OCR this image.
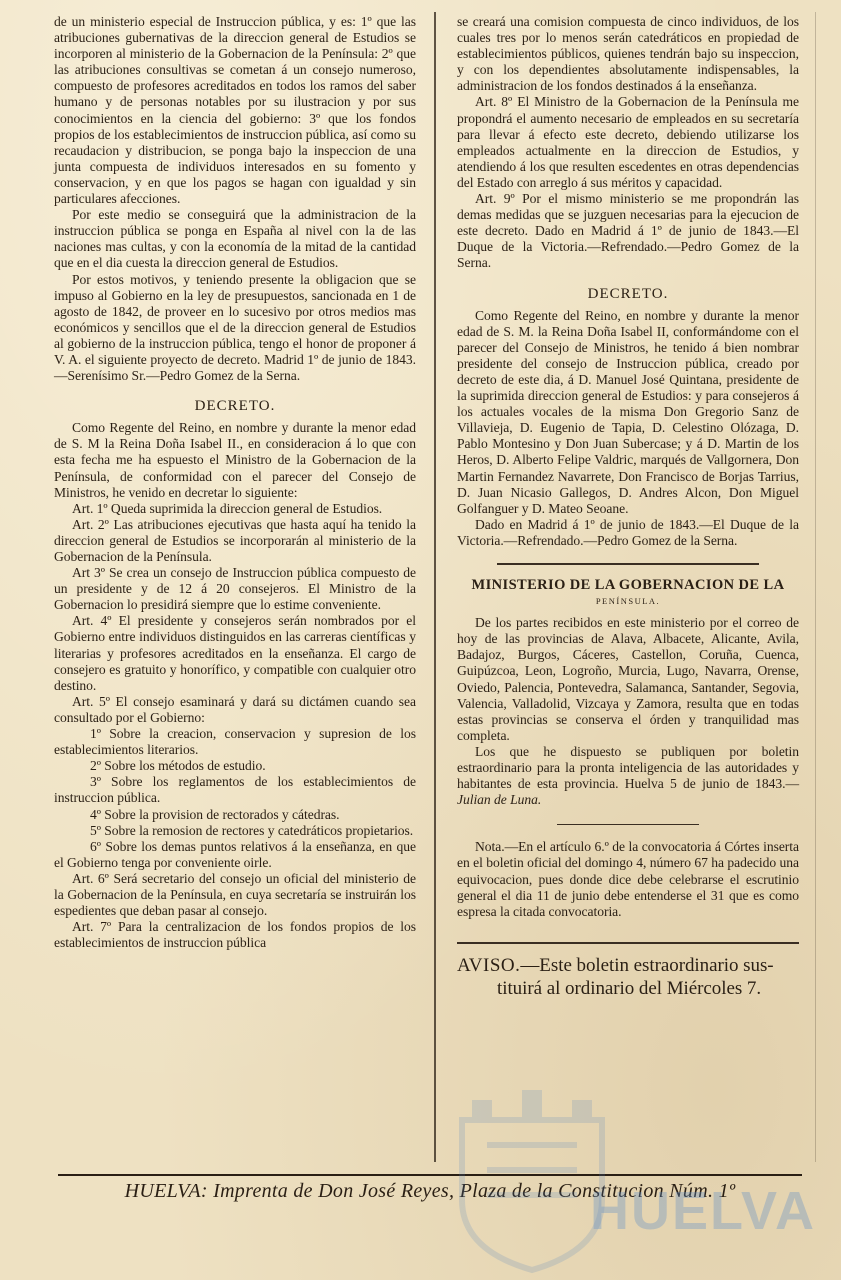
de un ministerio especial de Instruccion pública, y es: 1º que las atribuciones gubernativas de la direccion general de Estudios se incorporen al ministerio de la Gobernacion de la Península: 2º que las atribuciones consultivas se cometan á un consejo numeroso, compuesto de profesores acreditados en todos los ramos del saber humano y de personas notables por su ilustracion y por sus conocimientos en la ciencia del gobierno: 3º que los fondos propios de los establecimientos de instruccion pública, así como su recaudacion y distribucion, se ponga bajo la inspeccion de una junta compuesta de individuos interesados en su fomento y conservacion, y en que los pagos se hagan con igualdad y sin particulares afecciones.

Por este medio se conseguirá que la administracion de la instruccion pública se ponga en España al nivel con la de las naciones mas cultas, y con la economía de la mitad de la cantidad que en el dia cuesta la direccion general de Estudios.

Por estos motivos, y teniendo presente la obligacion que se impuso al Gobierno en la ley de presupuestos, sancionada en 1 de agosto de 1842, de proveer en lo sucesivo por otros medios mas económicos y sencillos que el de la direccion general de Estudios al gobierno de la instruccion pública, tengo el honor de proponer á V. A. el siguiente proyecto de decreto. Madrid 1º de junio de 1843.—Serenísimo Sr.—Pedro Gomez de la Serna.

DECRETO.

Como Regente del Reino, en nombre y durante la menor edad de S. M la Reina Doña Isabel II., en consideracion á lo que con esta fecha me ha espuesto el Ministro de la Gobernacion de la Península, de conformidad con el parecer del Consejo de Ministros, he venido en decretar lo siguiente:

Art. 1º Queda suprimida la direccion general de Estudios.

Art. 2º Las atribuciones ejecutivas que hasta aquí ha tenido la direccion general de Estudios se incorporarán al ministerio de la Gobernacion de la Península.

Art 3º Se crea un consejo de Instruccion pública compuesto de un presidente y de 12 á 20 consejeros. El Ministro de la Gobernacion lo presidirá siempre que lo estime conveniente.

Art. 4º El presidente y consejeros serán nombrados por el Gobierno entre individuos distinguidos en las carreras científicas y literarias y profesores acreditados en la enseñanza. El cargo de consejero es gratuito y honorífico, y compatible con cualquier otro destino.

Art. 5º El consejo esaminará y dará su dictámen cuando sea consultado por el Gobierno:

1º Sobre la creacion, conservacion y supresion de los establecimientos literarios.

2º Sobre los métodos de estudio.

3º Sobre los reglamentos de los establecimientos de instruccion pública.

4º Sobre la provision de rectorados y cátedras.

5º Sobre la remosion de rectores y catedráticos propietarios.

6º Sobre los demas puntos relativos á la enseñanza, en que el Gobierno tenga por conveniente oirle.

Art. 6º Será secretario del consejo un oficial del ministerio de la Gobernacion de la Península, en cuya secretaría se instruirán los espedientes que deban pasar al consejo.

Art. 7º Para la centralizacion de los fondos propios de los establecimientos de instruccion pública

se creará una comision compuesta de cinco individuos, de los cuales tres por lo menos serán catedráticos en propiedad de establecimientos públicos, quienes tendrán bajo su inspeccion, y con los dependientes absolutamente indispensables, la administracion de los fondos destinados á la enseñanza.

Art. 8º El Ministro de la Gobernacion de la Península me propondrá el aumento necesario de empleados en su secretaría para llevar á efecto este decreto, debiendo utilizarse los empleados actualmente en la direccion de Estudios, y atendiendo á los que resulten escedentes en otras dependencias del Estado con arreglo á sus méritos y capacidad.

Art. 9º Por el mismo ministerio se me propondrán las demas medidas que se juzguen necesarias para la ejecucion de este decreto. Dado en Madrid á 1º de junio de 1843.—El Duque de la Victoria.—Refrendado.—Pedro Gomez de la Serna.

DECRETO.

Como Regente del Reino, en nombre y durante la menor edad de S. M. la Reina Doña Isabel II, conformándome con el parecer del Consejo de Ministros, he tenido á bien nombrar presidente del consejo de Instruccion pública, creado por decreto de este dia, á D. Manuel José Quintana, presidente de la suprimida direccion general de Estudios: y para consejeros á los actuales vocales de la misma Don Gregorio Sanz de Villavieja, D. Eugenio de Tapia, D. Celestino Olózaga, D. Pablo Montesino y Don Juan Subercase; y á D. Martin de los Heros, D. Alberto Felipe Valdric, marqués de Vallgornera, Don Martin Fernandez Navarrete, Don Francisco de Borjas Tarrius, D. Juan Nicasio Gallegos, D. Andres Alcon, Don Miguel Golfanguer y D. Mateo Seoane.

Dado en Madrid á 1º de junio de 1843.—El Duque de la Victoria.—Refrendado.—Pedro Gomez de la Serna.

MINISTERIO DE LA GOBERNACION DE LA

PENÍNSULA.

De los partes recibidos en este ministerio por el correo de hoy de las provincias de Alava, Albacete, Alicante, Avila, Badajoz, Burgos, Cáceres, Castellon, Coruña, Cuenca, Guipúzcoa, Leon, Logroño, Murcia, Lugo, Navarra, Orense, Oviedo, Palencia, Pontevedra, Salamanca, Santander, Segovia, Valencia, Valladolid, Vizcaya y Zamora, resulta que en todas estas provincias se conserva el órden y tranquilidad mas completa.

Los que he dispuesto se publiquen por boletin estraordinario para la pronta inteligencia de las autoridades y habitantes de esta provincia. Huelva 5 de junio de 1843.—Julian de Luna.

Nota.—En el artículo 6.º de la convocatoria á Córtes inserta en el boletin oficial del domingo 4, número 67 ha padecido una equivocacion, pues donde dice debe celebrarse el escrutinio general el dia 11 de junio debe entenderse el 31 que es como espresa la citada convocatoria.

AVISO.—Este boletin estraordinario sus-

tituirá al ordinario del Miércoles 7.

HUELVA: Imprenta de Don José Reyes, Plaza de la Constitucion Núm. 1º
HUELVA
